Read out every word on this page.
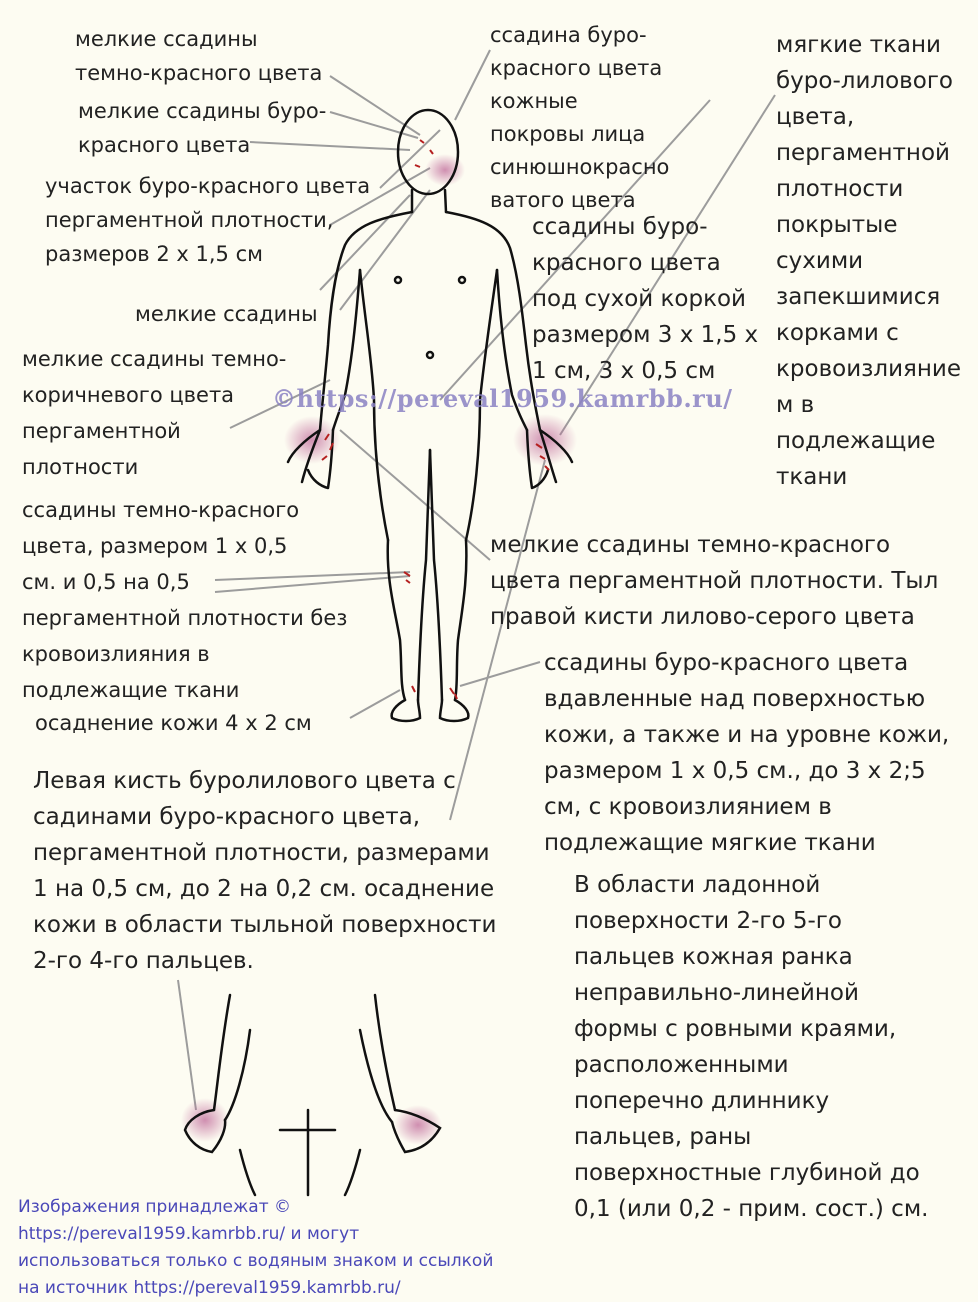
мелкие ссадины
темно-красного цвета
мелкие ссадины буро-
красного цвета
участок буро-красного цвета
пергаментной плотности,
размеров 2 х 1,5 см
мелкие ссадины
мелкие ссадины темно-
коричневого цвета
пергаментной
плотности
ссадины темно-красного
цвета, размером 1 х 0,5
см. и 0,5 на 0,5
пергаментной плотности без
кровоизлияния в
подлежащие ткани
осаднение кожи 4 х 2 см
Левая кисть буролилового цвета с
садинами буро-красного цвета,
пергаментной плотности, размерами
1 на 0,5 см, до 2 на 0,2 см. осаднение
кожи в области тыльной поверхности
2-го 4-го пальцев.
ссадина буро-
красного цвета
кожные
покровы лица
синюшнокрасно
ватого цвета
мягкие ткани
буро-лилового
цвета,
пергаментной
плотности
покрытые
сухими
запекшимися
корками с
кровоизлияние
м в
подлежащие
ткани
ссадины буро-
красного цвета
под сухой коркой
размером 3 х 1,5 х
1 см, 3 х 0,5 см
мелкие ссадины темно-красного
цвета пергаментной плотности. Тыл
правой кисти лилово-серого цвета
ссадины буро-красного цвета
вдавленные над поверхностью
кожи, а также и на уровне кожи,
размером 1 х 0,5 см., до 3 х 2;5
см, с кровоизлиянием в
подлежащие мягкие ткани
В области ладонной
поверхности 2-го 5-го
пальцев кожная ранка
неправильно-линейной
формы с ровными краями,
расположенными
поперечно длиннику
пальцев, раны
поверхностные глубиной до
0,1 (или 0,2 - прим. сост.) см.
©https://pereval1959.kamrbb.ru/
Изображения принадлежат ©
https://pereval1959.kamrbb.ru/ и могут
использоваться только с водяным знаком и ссылкой
на источник https://pereval1959.kamrbb.ru/
